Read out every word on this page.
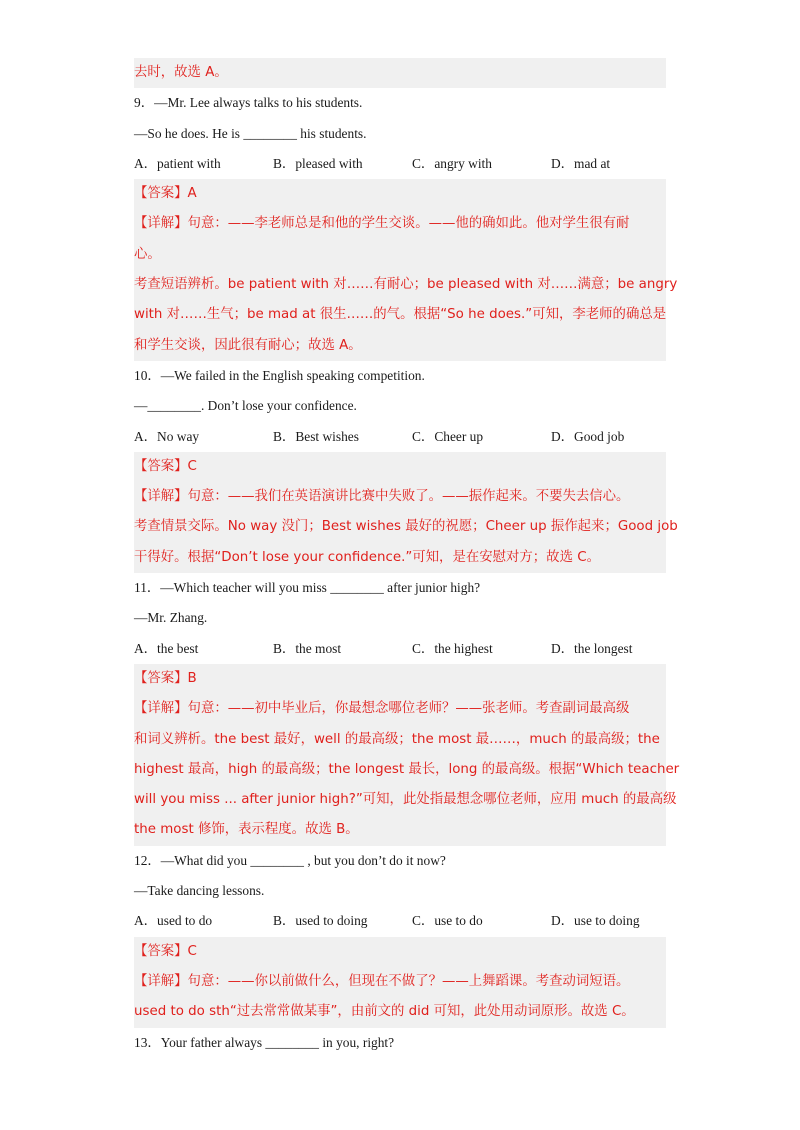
去时，故选 A。
9．—Mr. Lee always talks to his students.
—So he does. He is ________ his students.
A．patient with	B．pleased with	C．angry with	D．mad at
【答案】A
【详解】句意：——李老师总是和他的学生交谈。——他的确如此。他对学生很有耐
心。
考查短语辨析。be patient with 对……有耐心；be pleased with 对……满意；be angry
with 对……生气；be mad at 很生……的气。根据“So he does.”可知，李老师的确总是
和学生交谈，因此很有耐心；故选 A。
10．—We failed in the English speaking competition.
—________. Don’t lose your confidence.
A．No way	B．Best wishes	C．Cheer up	D．Good job
【答案】C
【详解】句意：——我们在英语演讲比赛中失败了。——振作起来。不要失去信心。
考查情景交际。No way 没门；Best wishes 最好的祝愿；Cheer up 振作起来；Good job
干得好。根据“Don’t lose your confidence.”可知，是在安慰对方；故选 C。
11．—Which teacher will you miss ________ after junior high?
—Mr. Zhang.
A．the best	B．the most	C．the highest	D．the longest
【答案】B
【详解】句意：——初中毕业后，你最想念哪位老师？——张老师。考查副词最高级
和词义辨析。the best 最好，well 的最高级；the most 最……，much 的最高级；the
highest 最高，high 的最高级；the longest 最长，long 的最高级。根据“Which teacher
will you miss ... after junior high?”可知，此处指最想念哪位老师，应用 much 的最高级
the most 修饰，表示程度。故选 B。
12．—What did you ________ , but you don’t do it now?
—Take dancing lessons.
A．used to do	B．used to doing	C．use to do	D．use to doing
【答案】C
【详解】句意：——你以前做什么，但现在不做了？——上舞蹈课。考查动词短语。
used to do sth“过去常常做某事”，由前文的 did 可知，此处用动词原形。故选 C。
13．Your father always ________ in you, right?
